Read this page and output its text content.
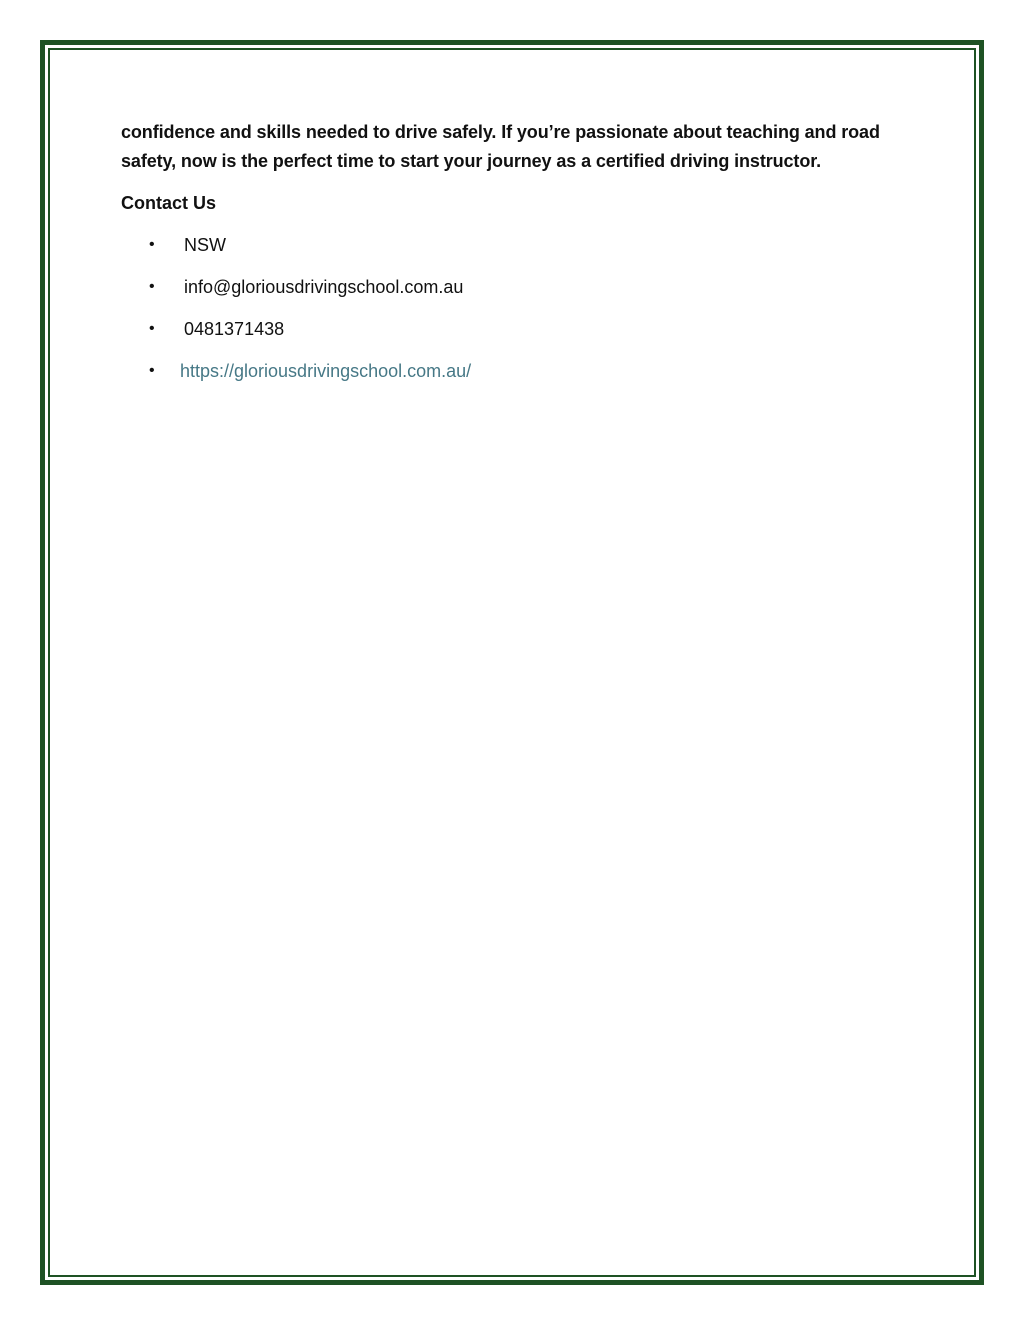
confidence and skills needed to drive safely. If you’re passionate about teaching and road safety, now is the perfect time to start your journey as a certified driving instructor.

Contact Us

• NSW
• info@gloriousdrivingschool.com.au
• 0481371438
• https://gloriousdrivingschool.com.au/
